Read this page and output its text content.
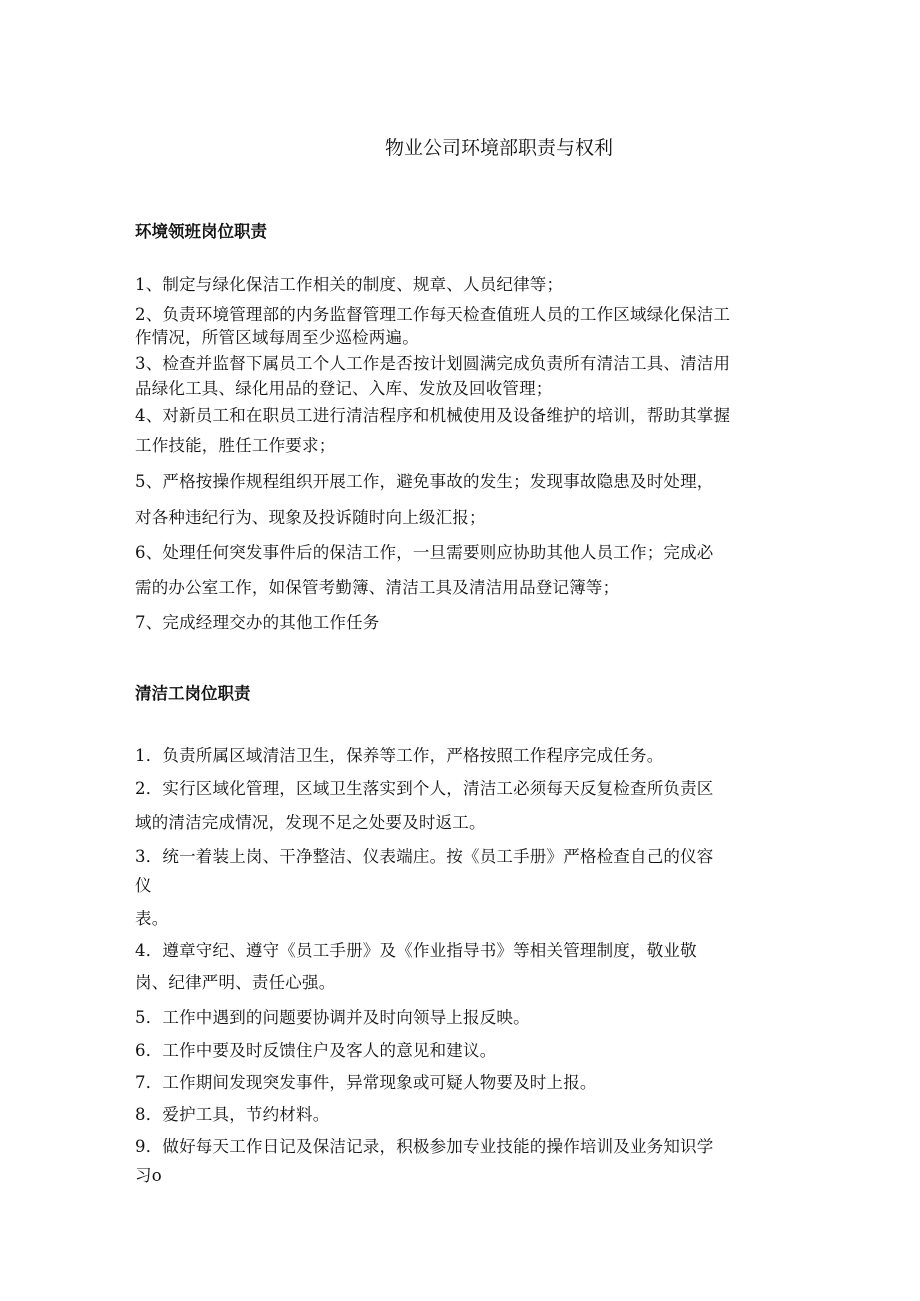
物业公司环境部职责与权利
环境领班岗位职责
1、制定与绿化保洁工作相关的制度、规章、人员纪律等；
2、负责环境管理部的内务监督管理工作每天检查值班人员的工作区域绿化保洁工
作情况，所管区域每周至少巡检两遍。
3、检查并监督下属员工个人工作是否按计划圆满完成负责所有清洁工具、清洁用
品绿化工具、绿化用品的登记、入库、发放及回收管理；
4、对新员工和在职员工进行清洁程序和机械使用及设备维护的培训，帮助其掌握
工作技能，胜任工作要求；
5、严格按操作规程组织开展工作，避免事故的发生；发现事故隐患及时处理，
对各种违纪行为、现象及投诉随时向上级汇报；
6、处理任何突发事件后的保洁工作，一旦需要则应协助其他人员工作；完成必
需的办公室工作，如保管考勤簿、清洁工具及清洁用品登记簿等；
7、完成经理交办的其他工作任务
清洁工岗位职责
1．负责所属区域清洁卫生，保养等工作，严格按照工作程序完成任务。
2．实行区域化管理，区域卫生落实到个人，清洁工必须每天反复检查所负责区
域的清洁完成情况，发现不足之处要及时返工。
3．统一着装上岗、干净整洁、仪表端庄。按《员工手册》严格检查自己的仪容
仪
表。
4．遵章守纪、遵守《员工手册》及《作业指导书》等相关管理制度，敬业敬
岗、纪律严明、责任心强。
5．工作中遇到的问题要协调并及时向领导上报反映。
6．工作中要及时反馈住户及客人的意见和建议。
7．工作期间发现突发事件，异常现象或可疑人物要及时上报。
8．爱护工具，节约材料。
9．做好每天工作日记及保洁记录，积极参加专业技能的操作培训及业务知识学
习o
